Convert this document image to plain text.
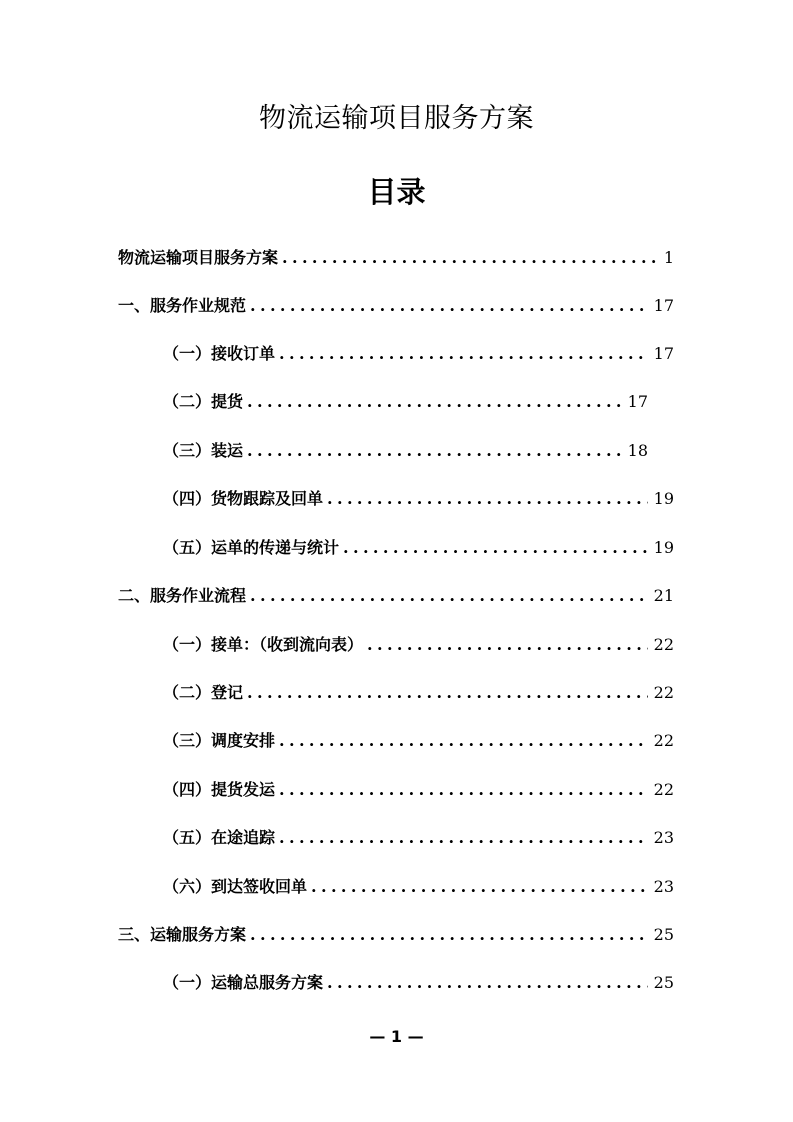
物流运输项目服务方案
目录
物流运输项目服务方案 .....	1
一、服务作业规范 .....	17
（一）接收订单 .....	17
（二）提货 .....	17
（三）装运 .....	18
（四）货物跟踪及回单 .....	19
（五）运单的传递与统计 .....	19
二、服务作业流程 .....	21
（一）接单：（收到流向表） .....	22
（二）登记 .....	22
（三）调度安排 .....	22
（四）提货发运 .....	22
（五）在途追踪 .....	23
（六）到达签收回单 .....	23
三、运输服务方案 .....	25
（一）运输总服务方案 .....	25
— 1 —
